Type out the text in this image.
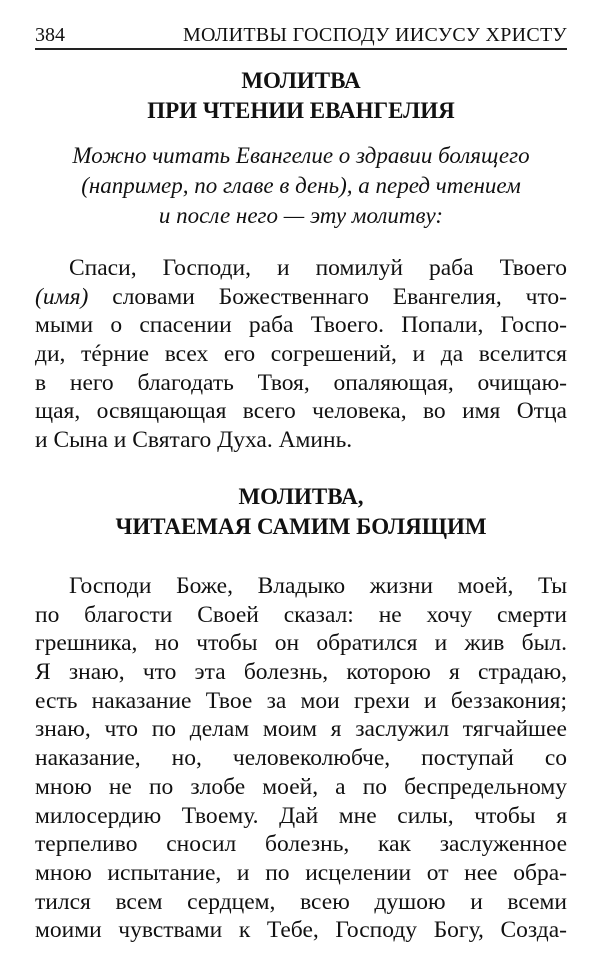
384	МОЛИТВЫ ГОСПОДУ ИИСУСУ ХРИСТУ
МОЛИТВА
ПРИ ЧТЕНИИ ЕВАНГЕЛИЯ
Можно читать Евангелие о здравии болящего
(например, по главе в день), а перед чтением
и после него — эту молитву:
Спаси, Господи, и помилуй раба Твоего
(имя) словами Божественнаго Евангелия, что-
мыми о спасении раба Твоего. Попали, Госпо-
ди, тéрние всех его согрешений, и да вселится
в него благодать Твоя, опаляющая, очищаю-
щая, освящающая всего человека, во имя Отца
и Сына и Святаго Духа. Аминь.
МОЛИТВА,
ЧИТАЕМАЯ САМИМ БОЛЯЩИМ
Господи Боже, Владыко жизни моей, Ты
по благости Своей сказал: не хочу смерти
грешника, но чтобы он обратился и жив был.
Я знаю, что эта болезнь, которою я страдаю,
есть наказание Твое за мои грехи и беззакония;
знаю, что по делам моим я заслужил тягчайшее
наказание, но, человеколюбче, поступай со
мною не по злобе моей, а по беспредельному
милосердию Твоему. Дай мне силы, чтобы я
терпеливо сносил болезнь, как заслуженное
мною испытание, и по исцелении от нее обра-
тился всем сердцем, всею душою и всеми
моими чувствами к Тебе, Господу Богу, Созда-
